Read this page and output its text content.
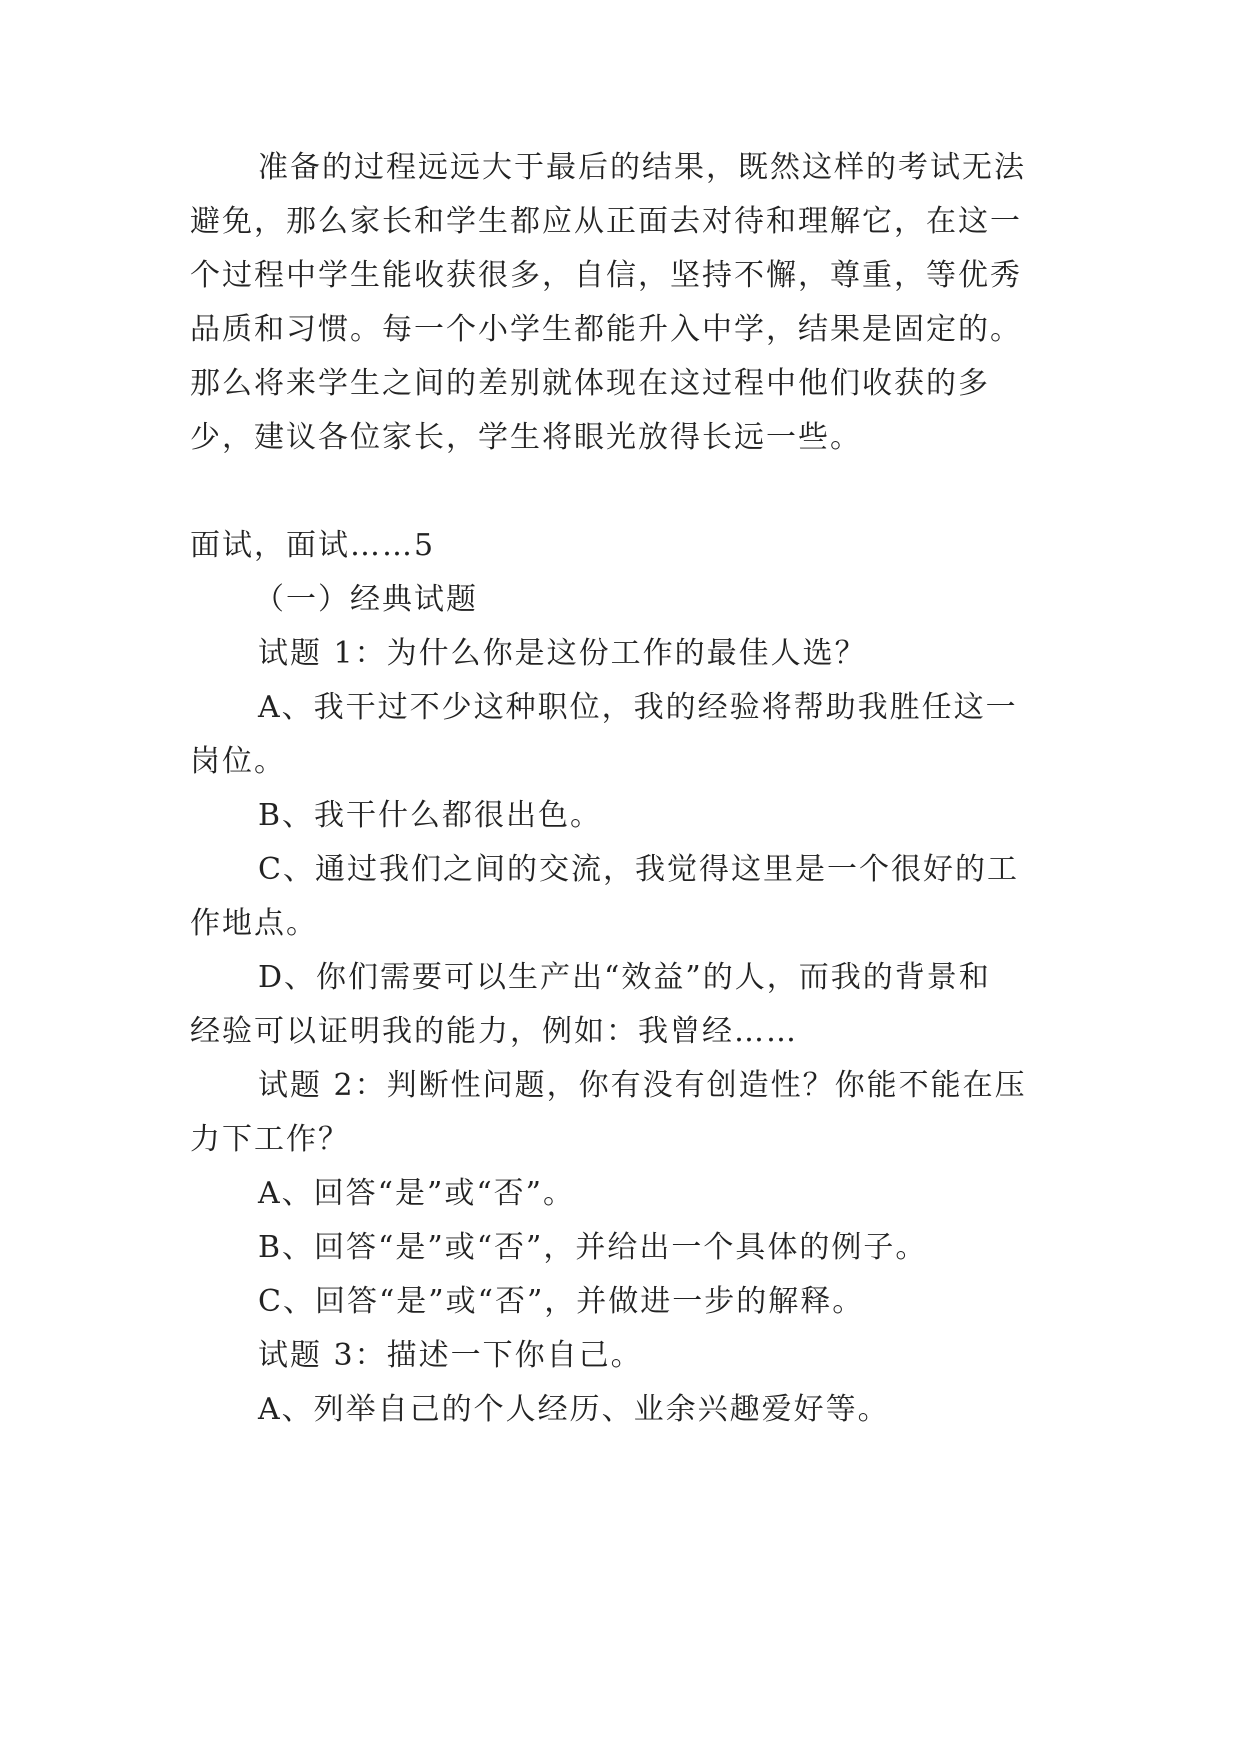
准备的过程远远大于最后的结果，既然这样的考试无法
避免，那么家长和学生都应从正面去对待和理解它，在这一
个过程中学生能收获很多，自信，坚持不懈，尊重，等优秀
品质和习惯。每一个小学生都能升入中学，结果是固定的。
那么将来学生之间的差别就体现在这过程中他们收获的多
少，建议各位家长，学生将眼光放得长远一些。
面试，面试……5
（一）经典试题
试题 1：为什么你是这份工作的最佳人选？
A、我干过不少这种职位，我的经验将帮助我胜任这一
岗位。
B、我干什么都很出色。
C、通过我们之间的交流，我觉得这里是一个很好的工
作地点。
D、你们需要可以生产出“效益”的人，而我的背景和
经验可以证明我的能力，例如：我曾经……
试题 2：判断性问题，你有没有创造性？你能不能在压
力下工作？
A、回答“是”或“否”。
B、回答“是”或“否”，并给出一个具体的例子。
C、回答“是”或“否”，并做进一步的解释。
试题 3：描述一下你自己。
A、列举自己的个人经历、业余兴趣爱好等。
